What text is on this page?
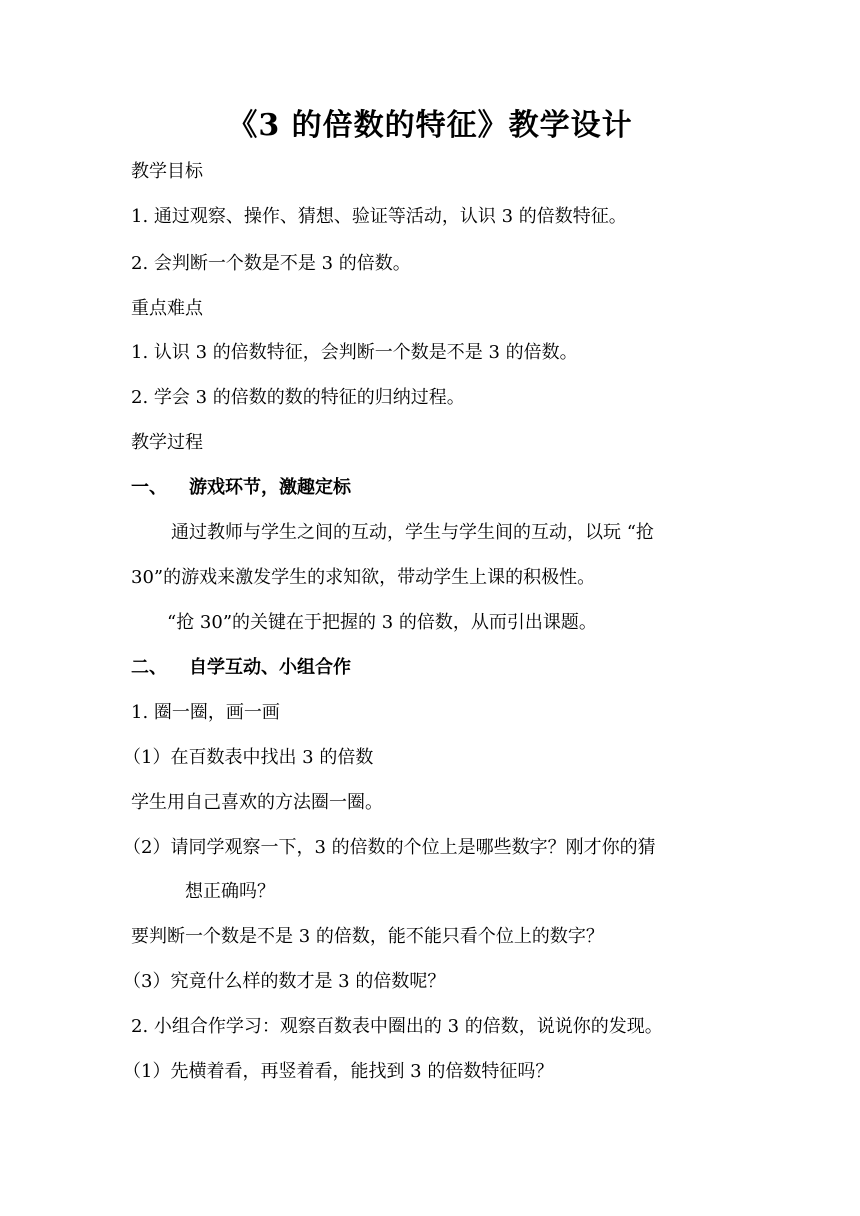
《3 的倍数的特征》教学设计
教学目标
1. 通过观察、操作、猜想、验证等活动，认识 3 的倍数特征。
2. 会判断一个数是不是 3 的倍数。
重点难点
1. 认识 3 的倍数特征，会判断一个数是不是 3 的倍数。
2. 学会 3 的倍数的数的特征的归纳过程。
教学过程
一、 游戏环节，激趣定标
通过教师与学生之间的互动，学生与学生间的互动，以玩 “抢
30”的游戏来激发学生的求知欲，带动学生上课的积极性。
“抢 30”的关键在于把握的 3 的倍数，从而引出课题。
二、 自学互动、小组合作
1. 圈一圈，画一画
（1）在百数表中找出 3 的倍数
学生用自己喜欢的方法圈一圈。
（2）请同学观察一下，3 的倍数的个位上是哪些数字？刚才你的猜
想正确吗？
要判断一个数是不是 3 的倍数，能不能只看个位上的数字？
（3）究竟什么样的数才是 3 的倍数呢？
2. 小组合作学习：观察百数表中圈出的 3 的倍数，说说你的发现。
（1）先横着看，再竖着看，能找到 3 的倍数特征吗？
